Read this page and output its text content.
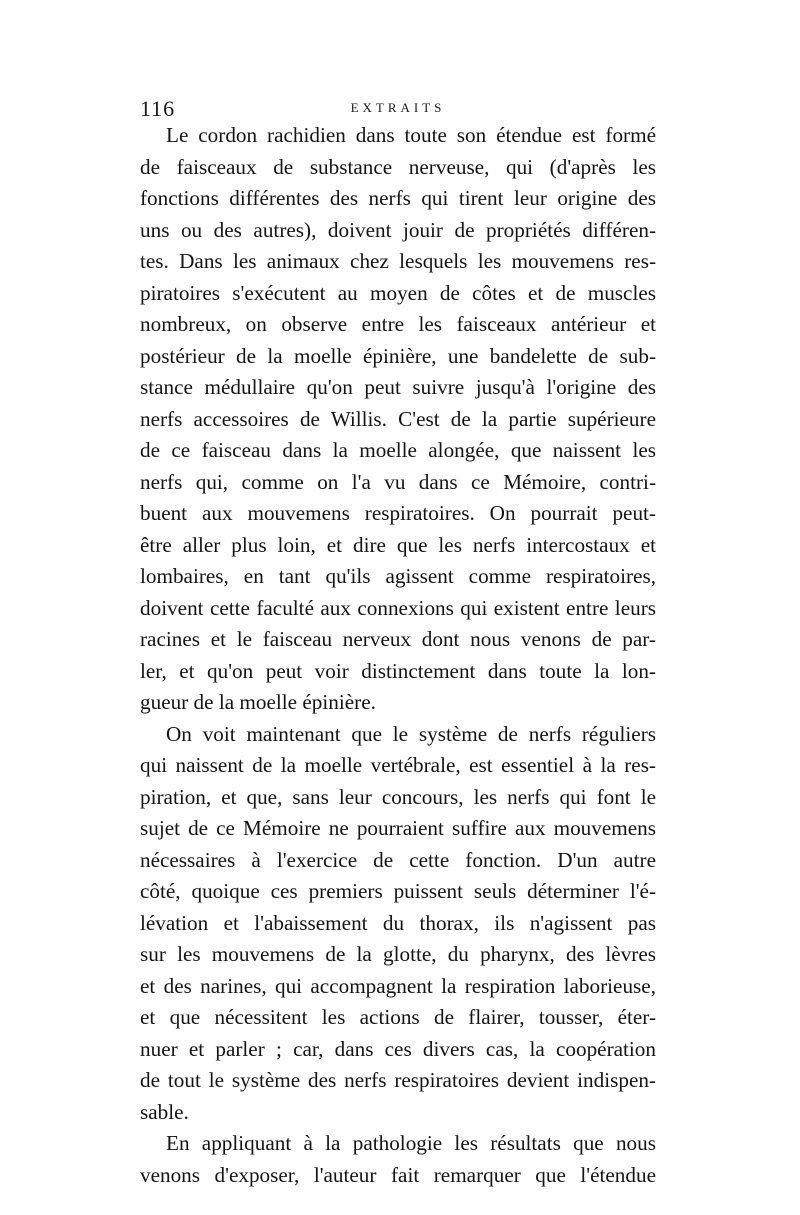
116	EXTRAITS
Le cordon rachidien dans toute son étendue est formé
de faisceaux de substance nerveuse, qui (d'après les
fonctions différentes des nerfs qui tirent leur origine des
uns ou des autres), doivent jouir de propriétés différen-
tes. Dans les animaux chez lesquels les mouvemens res-
piratoires s'exécutent au moyen de côtes et de muscles
nombreux, on observe entre les faisceaux antérieur et
postérieur de la moelle épinière, une bandelette de sub-
stance médullaire qu'on peut suivre jusqu'à l'origine des
nerfs accessoires de Willis. C'est de la partie supérieure
de ce faisceau dans la moelle alongée, que naissent les
nerfs qui, comme on l'a vu dans ce Mémoire, contri-
buent aux mouvemens respiratoires. On pourrait peut-
être aller plus loin, et dire que les nerfs intercostaux et
lombaires, en tant qu'ils agissent comme respiratoires,
doivent cette faculté aux connexions qui existent entre leurs
racines et le faisceau nerveux dont nous venons de par-
ler, et qu'on peut voir distinctement dans toute la lon-
gueur de la moelle épinière.
On voit maintenant que le système de nerfs réguliers
qui naissent de la moelle vertébrale, est essentiel à la res-
piration, et que, sans leur concours, les nerfs qui font le
sujet de ce Mémoire ne pourraient suffire aux mouvemens
nécessaires à l'exercice de cette fonction. D'un autre
côté, quoique ces premiers puissent seuls déterminer l'é-
lévation et l'abaissement du thorax, ils n'agissent pas
sur les mouvemens de la glotte, du pharynx, des lèvres
et des narines, qui accompagnent la respiration laborieuse,
et que nécessitent les actions de flairer, tousser, éter-
nuer et parler ; car, dans ces divers cas, la coopération
de tout le système des nerfs respiratoires devient indispen-
sable.
En appliquant à la pathologie les résultats que nous
venons d'exposer, l'auteur fait remarquer que l'étendue
